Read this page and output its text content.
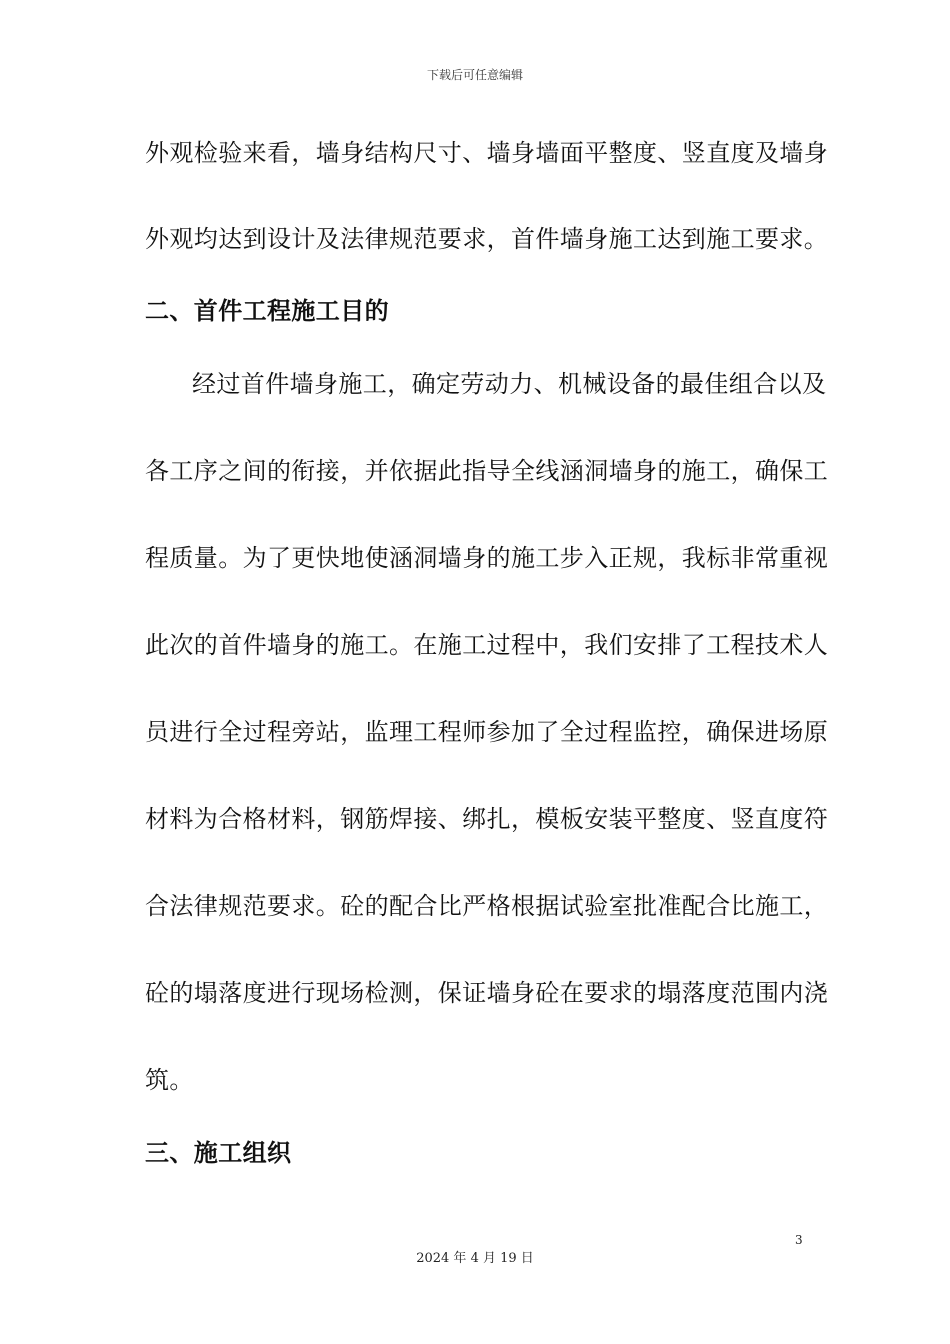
下载后可任意编辑
外观检验来看，墙身结构尺寸、墙身墙面平整度、竖直度及墙身
外观均达到设计及法律规范要求，首件墙身施工达到施工要求。
二、首件工程施工目的
经过首件墙身施工，确定劳动力、机械设备的最佳组合以及
各工序之间的衔接，并依据此指导全线涵洞墙身的施工，确保工
程质量。为了更快地使涵洞墙身的施工步入正规，我标非常重视
此次的首件墙身的施工。在施工过程中，我们安排了工程技术人
员进行全过程旁站，监理工程师参加了全过程监控，确保进场原
材料为合格材料，钢筋焊接、绑扎，模板安装平整度、竖直度符
合法律规范要求。砼的配合比严格根据试验室批准配合比施工，
砼的塌落度进行现场检测，保证墙身砼在要求的塌落度范围内浇
筑。
三、施工组织
3
2024 年 4 月 19 日
